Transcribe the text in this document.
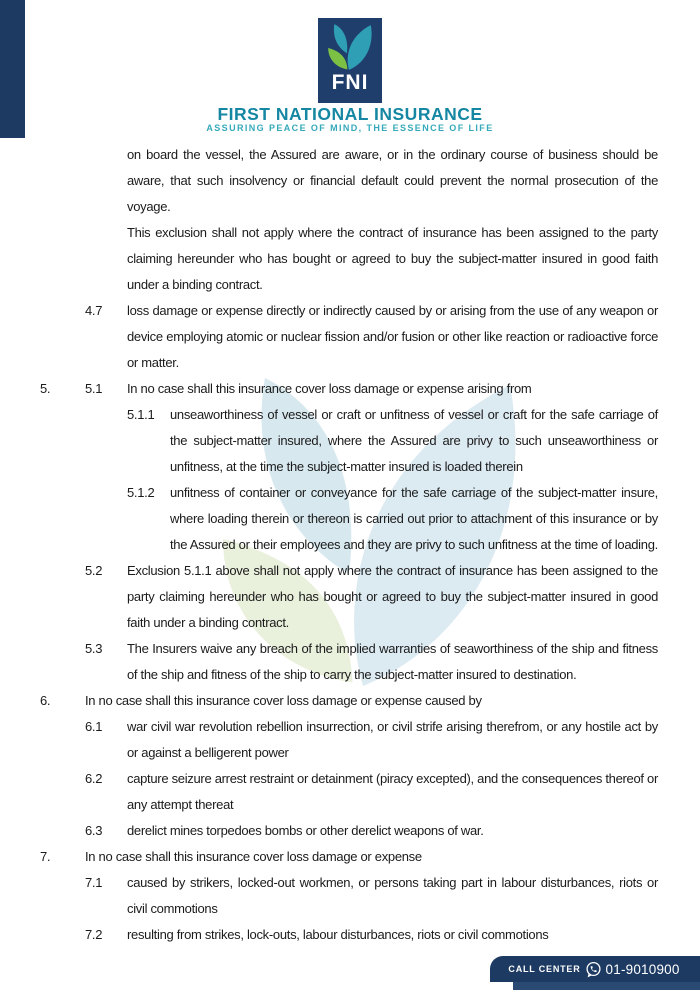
FNI
FIRST NATIONAL INSURANCE
ASSURING PEACE OF MIND, THE ESSENCE OF LIFE
on board the vessel, the Assured are aware, or in the ordinary course of business should be aware, that such insolvency or financial default could prevent the normal prosecution of the voyage.
This exclusion shall not apply where the contract of insurance has been assigned to the party claiming hereunder who has bought or agreed to buy the subject-matter insured in good faith under a binding contract.
4.7 loss damage or expense directly or indirectly caused by or arising from the use of any weapon or device employing atomic or nuclear fission and/or fusion or other like reaction or radioactive force or matter.
5.	5.1 In no case shall this insurance cover loss damage or expense arising from
5.1.1 unseaworthiness of vessel or craft or unfitness of vessel or craft for the safe carriage of the subject-matter insured, where the Assured are privy to such unseaworthiness or unfitness, at the time the subject-matter insured is loaded therein
5.1.2 unfitness of container or conveyance for the safe carriage of the subject-matter insure, where loading therein or thereon is carried out prior to attachment of this insurance or by the Assured or their employees and they are privy to such unfitness at the time of loading.
5.2 Exclusion 5.1.1 above shall not apply where the contract of insurance has been assigned to the party claiming hereunder who has bought or agreed to buy the subject-matter insured in good faith under a binding contract.
5.3 The Insurers waive any breach of the implied warranties of seaworthiness of the ship and fitness of the ship and fitness of the ship to carry the subject-matter insured to destination.
6.	In no case shall this insurance cover loss damage or expense caused by
6.1 war civil war revolution rebellion insurrection, or civil strife arising therefrom, or any hostile act by or against a belligerent power
6.2 capture seizure arrest restraint or detainment (piracy excepted), and the consequences thereof or any attempt thereat
6.3 derelict mines torpedoes bombs or other derelict weapons of war.
7.	In no case shall this insurance cover loss damage or expense
7.1 caused by strikers, locked-out workmen, or persons taking part in labour disturbances, riots or civil commotions
7.2 resulting from strikes, lock-outs, labour disturbances, riots or civil commotions
CALL CENTER 01-9010900
